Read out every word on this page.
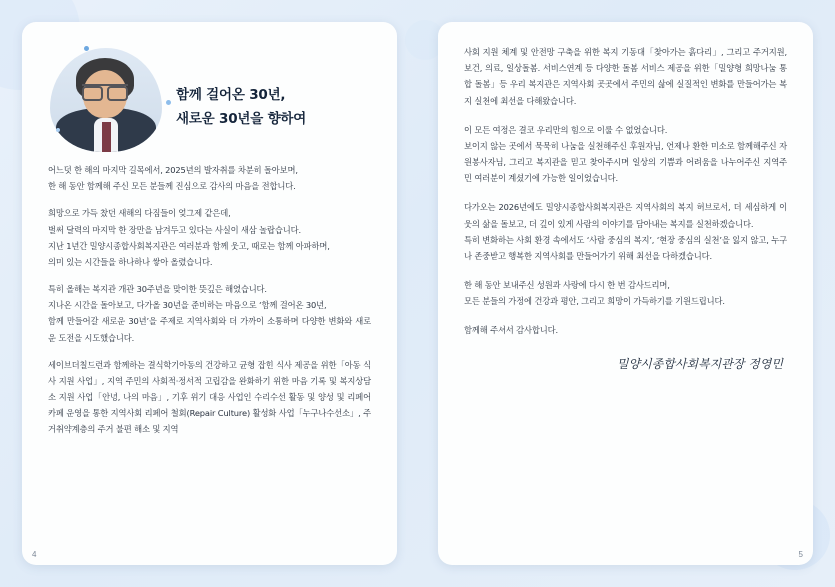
함께 걸어온 30년,
새로운 30년을 향하여

어느덧 한 해의 마지막 길목에서, 2025년의 발자취를 차분히 돌아보며,
한 해 동안 함께해 주신 모든 분들께 진심으로 감사의 마음을 전합니다.

희망으로 가득 찼던 새해의 다짐들이 엊그제 같은데,
벌써 달력의 마지막 한 장만을 남겨두고 있다는 사실이 새삼 놀랍습니다.
지난 1년간 밀양시종합사회복지관은 여러분과 함께 웃고, 때로는 함께 아파하며,
의미 있는 시간들을 하나하나 쌓아 올렸습니다.

특히 올해는 복지관 개관 30주년을 맞이한 뜻깊은 해였습니다.
지나온 시간을 돌아보고, 다가올 30년을 준비하는 마음으로 ‘함께 걸어온 30년,
함께 만들어갈 새로운 30년’을 주제로 지역사회와 더 가까이 소통하며 다양한 변화와 새로운 도전을 시도했습니다.

세이브더칠드런과 함께하는 결식학기아동의 건강하고 균형 잡힌 식사 제공을 위한「아동 식사 지원 사업」, 지역 주민의 사회적·정서적 고립감을 완화하기 위한 마음 기록 및 복지상담소 지원 사업「안녕, 나의 마음」, 기후 위기 대응 사업인 수리수선 활동 및 양성 및 리페어 카페 운영을 통한 지역사회 리페어 철회(Repair Culture) 활성화 사업「누구나수선소」, 주거취약계층의 주거 불편 해소 및 지역

4

사회 지원 체계 및 안전망 구축을 위한 복지 기동대「찾아가는 흙다리」, 그리고 주거지원, 보건, 의료, 일상돌봄. 서비스연계 등 다양한 돌봄 서비스 제공을 위한「밀양형 희망나눔 통합 돌봄」등 우리 복지관은 지역사회 곳곳에서 주민의 삶에 실질적인 변화를 만들어가는 복지 실천에 최선을 다해왔습니다.

이 모든 여정은 결코 우리만의 힘으로 이룰 수 없었습니다.
보이지 않는 곳에서 묵묵히 나눔을 실천해주신 후원자님, 언제나 환한 미소로 함께해주신 자원봉사자님, 그리고 복지관을 믿고 찾아주시며 일상의 기쁨과 어려움을 나누어주신 지역주민 여러분이 계셨기에 가능한 일이었습니다.

다가오는 2026년에도 밀양시종합사회복지관은 지역사회의 복지 허브로서, 더 세심하게 이웃의 삶을 돌보고, 더 깊이 있게 사람의 이야기를 담아내는 복지를 실천하겠습니다.
특히 변화하는 사회 환경 속에서도 ‘사람 중심의 복지’, ‘현장 중심의 실천’을 잃지 않고, 누구나 존중받고 행복한 지역사회를 만들어가기 위해 최선을 다하겠습니다.

한 해 동안 보내주신 성원과 사랑에 다시 한 번 감사드리며,
모든 분들의 가정에 건강과 평안, 그리고 희망이 가득하기를 기원드립니다.

함께해 주셔서 감사합니다.

밀양시종합사회복지관장 정영민
5
